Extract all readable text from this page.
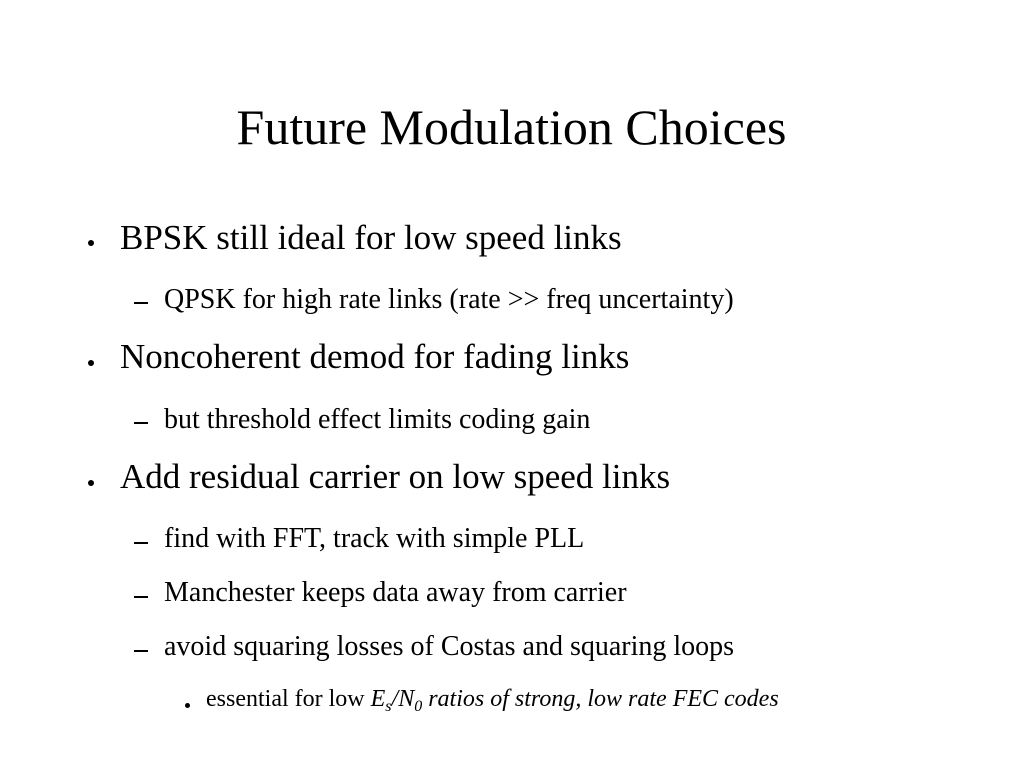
Future Modulation Choices
BPSK still ideal for low speed links
QPSK for high rate links (rate >> freq uncertainty)
Noncoherent demod for fading links
but threshold effect limits coding gain
Add residual carrier on low speed links
find with FFT, track with simple PLL
Manchester keeps data away from carrier
avoid squaring losses of Costas and squaring loops
essential for low $E_s/N_0$ ratios of strong, low rate FEC codes
